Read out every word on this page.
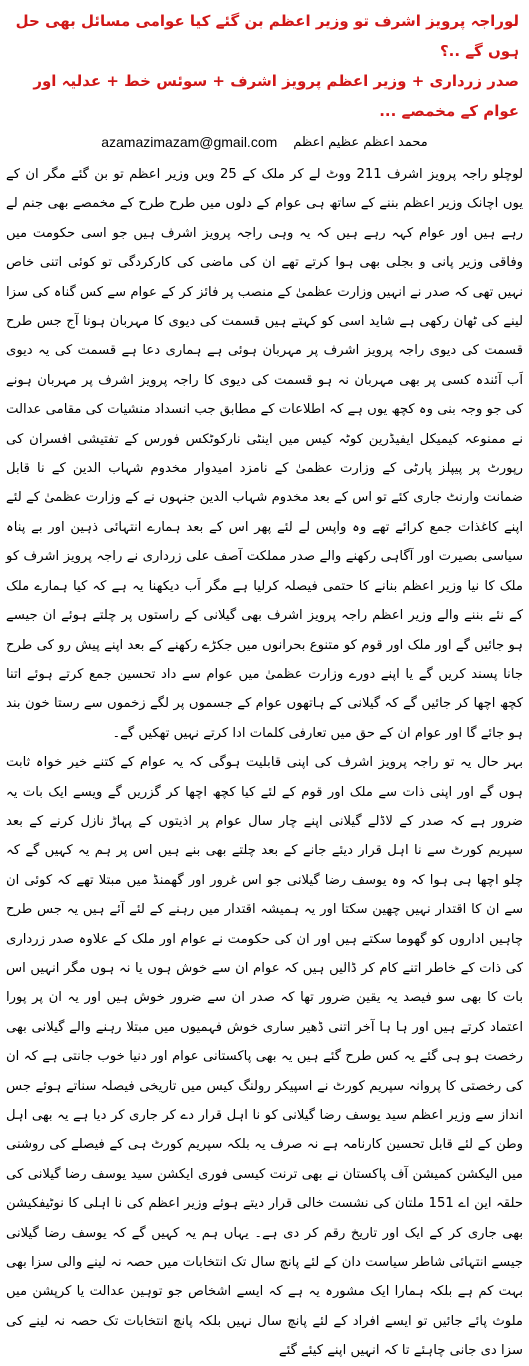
لوراجہ پرویز اشرف تو وزیر اعظم بن گئے کیا عوامی مسائل بھی حل ہوں گے ..؟
صدر زرداری + وزیر اعظم پرویز اشرف + سوئس خط + عدلیہ اور عوام کے مخمصے ...
azamazimazam@gmail.com محمد اعظم عظیم اعظم

لوچلو راجہ پرویز اشرف 211 ووٹ لے کر ملک کے 25 ویں وزیر اعظم تو بن گئے مگر ان کے یوں اچانک وزیر اعظم بننے کے ساتھ ہی عوام کے دلوں میں طرح طرح کے مخمصے بھی جنم لے رہے ہیں اور عوام کہہ رہے ہیں کہ یہ وہی راجہ پرویز اشرف ہیں جو اسی حکومت میں وفاقی وزیر پانی و بجلی بھی ہوا کرتے تھے ان کی ماضی کی کارکردگی تو کوئی اتنی خاص نہیں تھی کہ صدر نے انہیں وزارت عظمیٰ کے منصب پر فائز کر کے عوام سے کس گناہ کی سزا لینے کی ٹھان رکھی ہے شاید اسی کو کہتے ہیں قسمت کی دیوی کا مہربان ہونا آج جس طرح قسمت کی دیوی راجہ پرویز اشرف پر مہربان ہوئی ہے ہماری دعا ہے قسمت کی یہ دیوی اَب آئندہ کسی پر بھی مہربان نہ ہو قسمت کی دیوی کا راجہ پرویز اشرف پر مہربان ہونے کی جو وجہ بنی وہ کچھ یوں ہے کہ اطلاعات کے مطابق جب انسداد منشیات کی مقامی عدالت نے ممنوعہ کیمیکل ایفیڈرین کوٹہ کیس میں اینٹی نارکوٹکس فورس کے تفتیشی افسران کی رپورٹ پر پیپلز پارٹی کے وزارت عظمیٰ کے نامزد امیدوار مخدوم شہاب الدین کے نا قابل ضمانت وارنٹ جاری کئے تو اس کے بعد مخدوم شہاب الدین جنہوں نے کے وزارت عظمیٰ کے لئے اپنے کاغذات جمع کرائے تھے وہ واپس لے لئے پھر اس کے بعد ہمارے انتہائی ذہین اور بے پناہ سیاسی بصیرت اور آگاہی رکھنے والے صدر مملکت آصف علی زرداری نے راجہ پرویز اشرف کو ملک کا نیا وزیر اعظم بنانے کا حتمی فیصلہ کرلیا ہے مگر اَب دیکھنا یہ ہے کہ کیا ہمارے ملک کے نئے بننے والے وزیر اعظم راجہ پرویز اشرف بھی گیلانی کے راستوں پر چلتے ہوئے ان جیسے ہو جائیں گے اور ملک اور قوم کو متنوع بحرانوں میں جکڑے رکھنے کے بعد اپنے پیش رو کی طرح جانا پسند کریں گے یا اپنے دورے وزارت عظمیٰ میں عوام سے داد تحسین جمع کرتے ہوئے اتنا کچھ اچھا کر جائیں گے کہ گیلانی کے ہاتھوں عوام کے جسموں پر لگے زخموں سے رستا خون بند ہو جائے گا اور عوام ان کے حق میں تعارفی کلمات ادا کرتے نہیں تھکیں گے۔

بہر حال یہ تو راجہ پرویز اشرف کی اپنی قابلیت ہوگی کہ یہ عوام کے کتنے خیر خواہ ثابت ہوں گے اور اپنی ذات سے ملک اور قوم کے لئے کیا کچھ اچھا کر گزریں گے ویسے ایک بات یہ ضرور ہے کہ صدر کے لاڈلے گیلانی اپنے چار سال عوام پر اذیتوں کے پہاڑ نازل کرنے کے بعد سپریم کورٹ سے نا اہل قرار دیئے جانے کے بعد چلتے بھی بنے ہیں اس پر ہم یہ کہیں گے کہ چلو اچھا ہی ہوا کہ وہ یوسف رضا گیلانی جو اس غرور اور گھمنڈ میں مبتلا تھے کہ کوئی ان سے ان کا اقتدار نہیں چھین سکتا اور یہ ہمیشہ اقتدار میں رہنے کے لئے آئے ہیں یہ جس طرح چاہیں اداروں کو گھوما سکتے ہیں اور ان کی حکومت نے عوام اور ملک کے علاوہ صدر زرداری کی ذات کے خاطر اتنے کام کر ڈالیں ہیں کہ عوام ان سے خوش ہوں یا نہ ہوں مگر انہیں اس بات کا بھی سو فیصد یہ یقین ضرور تھا کہ صدر ان سے ضرور خوش ہیں اور یہ ان پر پورا اعتماد کرتے ہیں اور ہا ہا آخر اتنی ڈھیر ساری خوش فہمیوں میں مبتلا رہنے والے گیلانی بھی رخصت ہو ہی گئے یہ کس طرح گئے ہیں یہ بھی پاکستانی عوام اور دنیا خوب جانتی ہے کہ ان کی رخصتی کا پروانہ سپریم کورٹ نے اسپیکر رولنگ کیس میں تاریخی فیصلہ سناتے ہوئے جس انداز سے وزیر اعظم سید یوسف رضا گیلانی کو نا اہل قرار دے کر جاری کر دیا ہے یہ بھی اہل وطن کے لئے قابل تحسین کارنامہ ہے نہ صرف یہ بلکہ سپریم کورٹ ہی کے فیصلے کی روشنی میں الیکشن کمیشن آف پاکستان نے بھی ترنت کیسی فوری ایکشن سید یوسف رضا گیلانی کی حلقہ این اے 151 ملتان کی نشست خالی قرار دیتے ہوئے وزیر اعظم کی نا اہلی کا نوٹیفکیشن بھی جاری کر کے ایک اور تاریخ رقم کر دی ہے۔ یہاں ہم یہ کہیں گے کہ یوسف رضا گیلانی جیسے انتہائی شاطر سیاست دان کے لئے پانچ سال تک انتخابات میں حصہ نہ لینے والی سزا بھی بہت کم ہے بلکہ ہمارا ایک مشورہ یہ ہے کہ ایسے اشخاص جو توہین عدالت یا کرپشن میں ملوث پائے جائیں تو ایسے افراد کے لئے پانچ سال نہیں بلکہ پانچ انتخابات تک حصہ نہ لینے کی سزا دی جانی چاہئے تا کہ انہیں اپنے کیئے گئے
